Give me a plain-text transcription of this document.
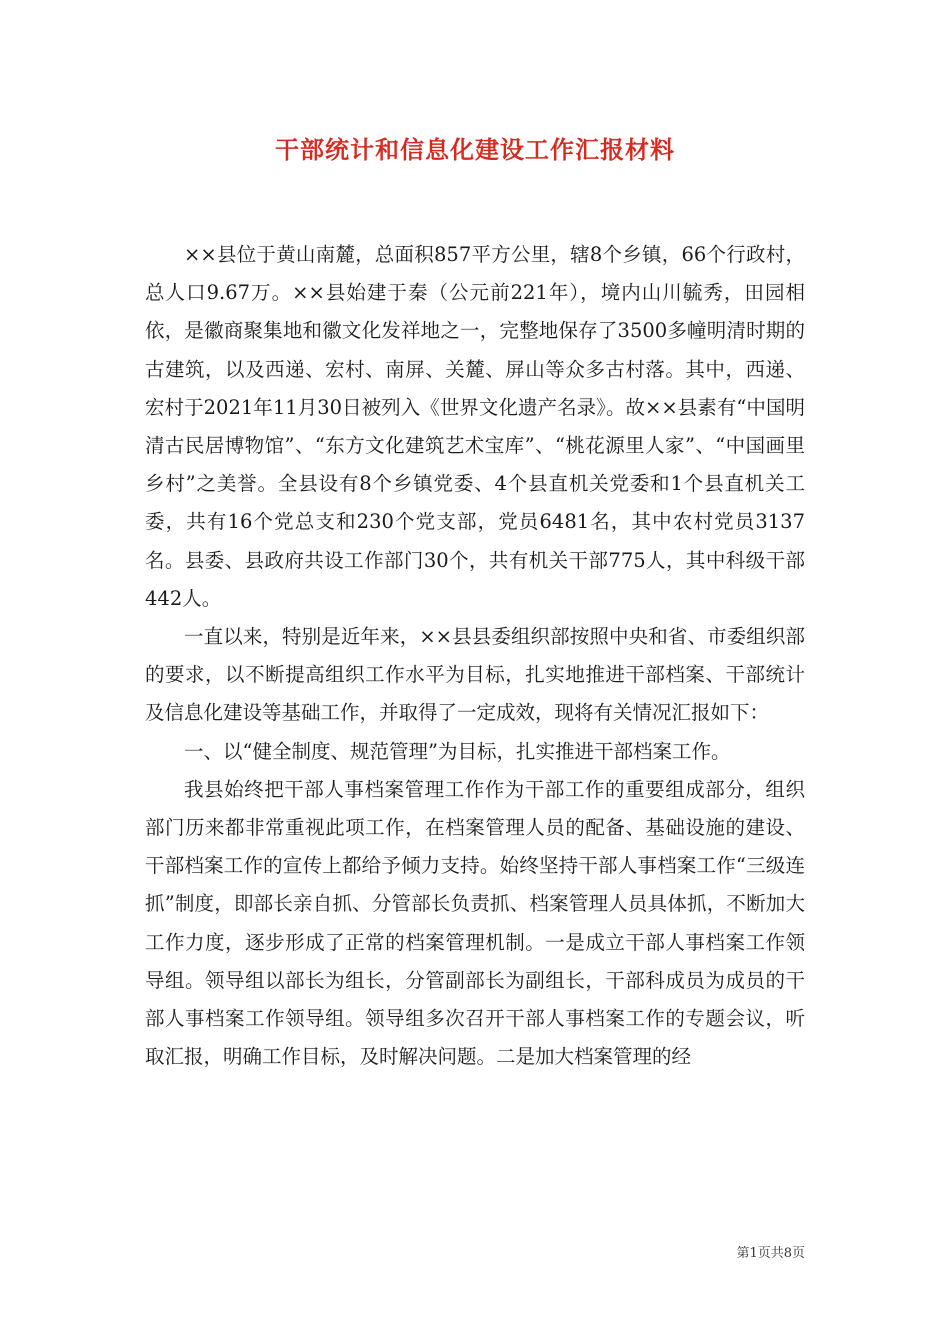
干部统计和信息化建设工作汇报材料

××县位于黄山南麓，总面积857平方公里，辖8个乡镇，66个行政村，总人口9.67万。××县始建于秦（公元前221年），境内山川毓秀，田园相依，是徽商聚集地和徽文化发祥地之一，完整地保存了3500多幢明清时期的古建筑，以及西递、宏村、南屏、关麓、屏山等众多古村落。其中，西递、宏村于2021年11月30日被列入《世界文化遗产名录》。故××县素有“中国明清古民居博物馆”、“东方文化建筑艺术宝库”、“桃花源里人家”、“中国画里乡村”之美誉。全县设有8个乡镇党委、4个县直机关党委和1个县直机关工委，共有16个党总支和230个党支部，党员6481名，其中农村党员3137名。县委、县政府共设工作部门30个，共有机关干部775人，其中科级干部442人。

一直以来，特别是近年来，××县县委组织部按照中央和省、市委组织部的要求，以不断提高组织工作水平为目标，扎实地推进干部档案、干部统计及信息化建设等基础工作，并取得了一定成效，现将有关情况汇报如下：

一、以“健全制度、规范管理”为目标，扎实推进干部档案工作。

我县始终把干部人事档案管理工作作为干部工作的重要组成部分，组织部门历来都非常重视此项工作，在档案管理人员的配备、基础设施的建设、干部档案工作的宣传上都给予倾力支持。始终坚持干部人事档案工作“三级连抓”制度，即部长亲自抓、分管部长负责抓、档案管理人员具体抓，不断加大工作力度，逐步形成了正常的档案管理机制。一是成立干部人事档案工作领导组。领导组以部长为组长，分管副部长为副组长，干部科成员为成员的干部人事档案工作领导组。领导组多次召开干部人事档案工作的专题会议，听取汇报，明确工作目标，及时解决问题。二是加大档案管理的经

第1页共8页
